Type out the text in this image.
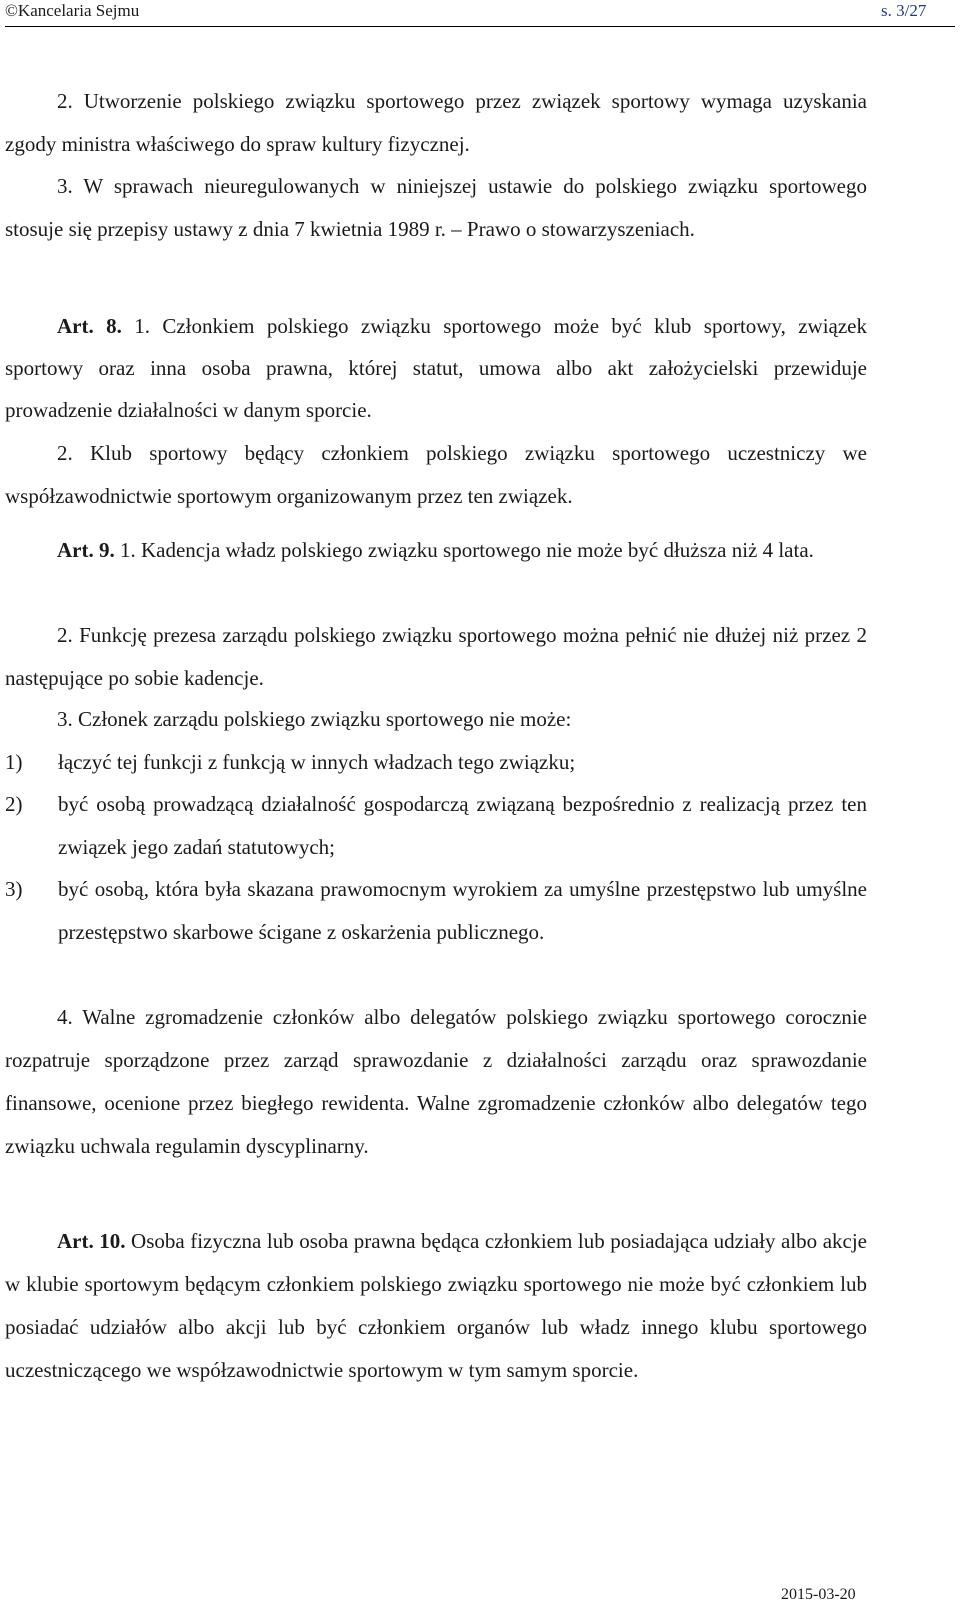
©Kancelaria Sejmu	s. 3/27

2. Utworzenie polskiego związku sportowego przez związek sportowy wymaga uzyskania zgody ministra właściwego do spraw kultury fizycznej.

3. W sprawach nieuregulowanych w niniejszej ustawie do polskiego związku sportowego stosuje się przepisy ustawy z dnia 7 kwietnia 1989 r. – Prawo o stowarzyszeniach.

Art. 8. 1. Członkiem polskiego związku sportowego może być klub sportowy, związek sportowy oraz inna osoba prawna, której statut, umowa albo akt założycielski przewiduje prowadzenie działalności w danym sporcie.

2. Klub sportowy będący członkiem polskiego związku sportowego uczestniczy we współzawodnictwie sportowym organizowanym przez ten związek.

Art. 9. 1. Kadencja władz polskiego związku sportowego nie może być dłuższa niż 4 lata.

2. Funkcję prezesa zarządu polskiego związku sportowego można pełnić nie dłużej niż przez 2 następujące po sobie kadencje.

3. Członek zarządu polskiego związku sportowego nie może:

1) łączyć tej funkcji z funkcją w innych władzach tego związku;
2) być osobą prowadzącą działalność gospodarczą związaną bezpośrednio z realizacją przez ten związek jego zadań statutowych;
3) być osobą, która była skazana prawomocnym wyrokiem za umyślne przestępstwo lub umyślne przestępstwo skarbowe ścigane z oskarżenia publicznego.

4. Walne zgromadzenie członków albo delegatów polskiego związku sportowego corocznie rozpatruje sporządzone przez zarząd sprawozdanie z działalności zarządu oraz sprawozdanie finansowe, ocenione przez biegłego rewidenta. Walne zgromadzenie członków albo delegatów tego związku uchwala regulamin dyscyplinarny.

Art. 10. Osoba fizyczna lub osoba prawna będąca członkiem lub posiadająca udziały albo akcje w klubie sportowym będącym członkiem polskiego związku sportowego nie może być członkiem lub posiadać udziałów albo akcji lub być członkiem organów lub władz innego klubu sportowego uczestniczącego we współzawodnictwie sportowym w tym samym sporcie.

2015-03-20
